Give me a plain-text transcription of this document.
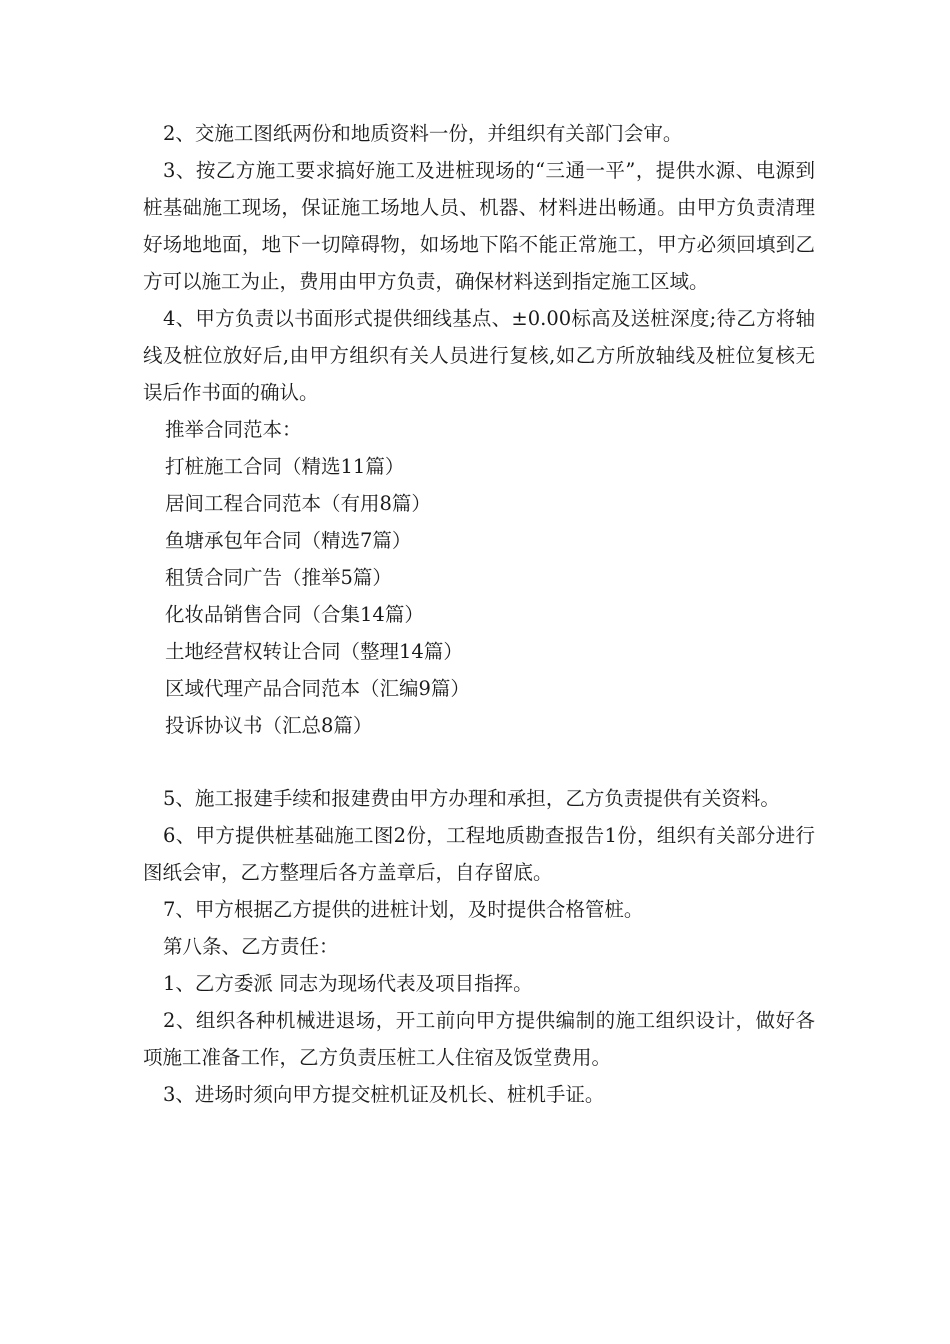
2、交施工图纸两份和地质资料一份，并组织有关部门会审。

3、按乙方施工要求搞好施工及进桩现场的“三通一平”，提供水源、电源到桩基础施工现场，保证施工场地人员、机器、材料进出畅通。由甲方负责清理好场地地面，地下一切障碍物，如场地下陷不能正常施工，甲方必须回填到乙方可以施工为止，费用由甲方负责，确保材料送到指定施工区域。

4、甲方负责以书面形式提供细线基点、±0.00标高及送桩深度;待乙方将轴线及桩位放好后,由甲方组织有关人员进行复核,如乙方所放轴线及桩位复核无误后作书面的确认。

推举合同范本：

打桩施工合同（精选11篇）

居间工程合同范本（有用8篇）

鱼塘承包年合同（精选7篇）

租赁合同广告（推举5篇）

化妆品销售合同（合集14篇）

土地经营权转让合同（整理14篇）

区域代理产品合同范本（汇编9篇）

投诉协议书（汇总8篇）

5、施工报建手续和报建费由甲方办理和承担，乙方负责提供有关资料。

6、甲方提供桩基础施工图2份，工程地质勘查报告1份，组织有关部分进行图纸会审，乙方整理后各方盖章后，自存留底。

7、甲方根据乙方提供的进桩计划，及时提供合格管桩。

第八条、乙方责任：

1、乙方委派 同志为现场代表及项目指挥。

2、组织各种机械进退场，开工前向甲方提供编制的施工组织设计，做好各项施工准备工作，乙方负责压桩工人住宿及饭堂费用。

3、进场时须向甲方提交桩机证及机长、桩机手证。
